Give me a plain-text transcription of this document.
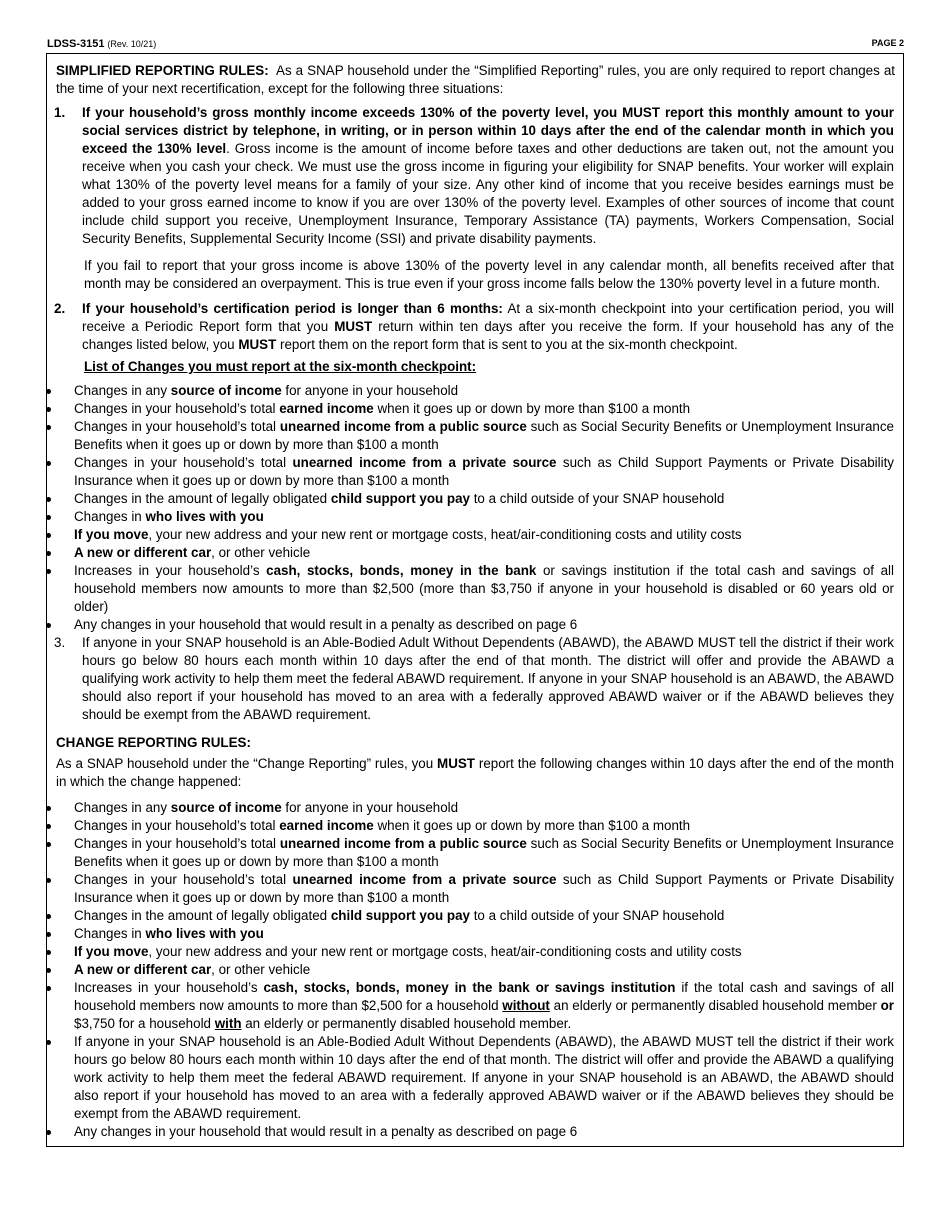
LDSS-3151 (Rev. 10/21)	PAGE 2

SIMPLIFIED REPORTING RULES: As a SNAP household under the “Simplified Reporting” rules, you are only required to report changes at the time of your next recertification, except for the following three situations:

1. If your household’s gross monthly income exceeds 130% of the poverty level, you MUST report this monthly amount to your social services district by telephone, in writing, or in person within 10 days after the end of the calendar month in which you exceed the 130% level. Gross income is the amount of income before taxes and other deductions are taken out, not the amount you receive when you cash your check. We must use the gross income in figuring your eligibility for SNAP benefits. Your worker will explain what 130% of the poverty level means for a family of your size. Any other kind of income that you receive besides earnings must be added to your gross earned income to know if you are over 130% of the poverty level. Examples of other sources of income that count include child support you receive, Unemployment Insurance, Temporary Assistance (TA) payments, Workers Compensation, Social Security Benefits, Supplemental Security Income (SSI) and private disability payments.

If you fail to report that your gross income is above 130% of the poverty level in any calendar month, all benefits received after that month may be considered an overpayment. This is true even if your gross income falls below the 130% poverty level in a future month.

2. If your household’s certification period is longer than 6 months: At a six-month checkpoint into your certification period, you will receive a Periodic Report form that you MUST return within ten days after you receive the form. If your household has any of the changes listed below, you MUST report them on the report form that is sent to you at the six-month checkpoint.

List of Changes you must report at the six-month checkpoint:

Changes in any source of income for anyone in your household
Changes in your household’s total earned income when it goes up or down by more than $100 a month
Changes in your household’s total unearned income from a public source such as Social Security Benefits or Unemployment Insurance Benefits when it goes up or down by more than $100 a month
Changes in your household’s total unearned income from a private source such as Child Support Payments or Private Disability Insurance when it goes up or down by more than $100 a month
Changes in the amount of legally obligated child support you pay to a child outside of your SNAP household
Changes in who lives with you
If you move, your new address and your new rent or mortgage costs, heat/air-conditioning costs and utility costs
A new or different car, or other vehicle
Increases in your household’s cash, stocks, bonds, money in the bank or savings institution if the total cash and savings of all household members now amounts to more than $2,500 (more than $3,750 if anyone in your household is disabled or 60 years old or older)
Any changes in your household that would result in a penalty as described on page 6
3. If anyone in your SNAP household is an Able-Bodied Adult Without Dependents (ABAWD), the ABAWD MUST tell the district if their work hours go below 80 hours each month within 10 days after the end of that month. The district will offer and provide the ABAWD a qualifying work activity to help them meet the federal ABAWD requirement. If anyone in your SNAP household is an ABAWD, the ABAWD should also report if your household has moved to an area with a federally approved ABAWD waiver or if the ABAWD believes they should be exempt from the ABAWD requirement.

CHANGE REPORTING RULES:

As a SNAP household under the “Change Reporting” rules, you MUST report the following changes within 10 days after the end of the month in which the change happened:

Changes in any source of income for anyone in your household
Changes in your household’s total earned income when it goes up or down by more than $100 a month
Changes in your household’s total unearned income from a public source such as Social Security Benefits or Unemployment Insurance Benefits when it goes up or down by more than $100 a month
Changes in your household’s total unearned income from a private source such as Child Support Payments or Private Disability Insurance when it goes up or down by more than $100 a month
Changes in the amount of legally obligated child support you pay to a child outside of your SNAP household
Changes in who lives with you
If you move, your new address and your new rent or mortgage costs, heat/air-conditioning costs and utility costs
A new or different car, or other vehicle
Increases in your household’s cash, stocks, bonds, money in the bank or savings institution if the total cash and savings of all household members now amounts to more than $2,500 for a household without an elderly or permanently disabled household member or $3,750 for a household with an elderly or permanently disabled household member.
If anyone in your SNAP household is an Able-Bodied Adult Without Dependents (ABAWD), the ABAWD MUST tell the district if their work hours go below 80 hours each month within 10 days after the end of that month. The district will offer and provide the ABAWD a qualifying work activity to help them meet the federal ABAWD requirement. If anyone in your SNAP household is an ABAWD, the ABAWD should also report if your household has moved to an area with a federally approved ABAWD waiver or if the ABAWD believes they should be exempt from the ABAWD requirement.
Any changes in your household that would result in a penalty as described on page 6
